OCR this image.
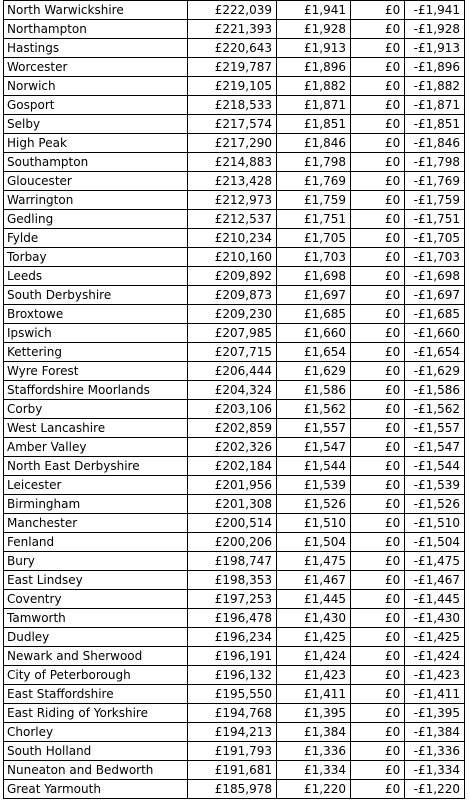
North Warwickshire	£222,039	£1,941	£0	-£1,941
Northampton	£221,393	£1,928	£0	-£1,928
Hastings	£220,643	£1,913	£0	-£1,913
Worcester	£219,787	£1,896	£0	-£1,896
Norwich	£219,105	£1,882	£0	-£1,882
Gosport	£218,533	£1,871	£0	-£1,871
Selby	£217,574	£1,851	£0	-£1,851
High Peak	£217,290	£1,846	£0	-£1,846
Southampton	£214,883	£1,798	£0	-£1,798
Gloucester	£213,428	£1,769	£0	-£1,769
Warrington	£212,973	£1,759	£0	-£1,759
Gedling	£212,537	£1,751	£0	-£1,751
Fylde	£210,234	£1,705	£0	-£1,705
Torbay	£210,160	£1,703	£0	-£1,703
Leeds	£209,892	£1,698	£0	-£1,698
South Derbyshire	£209,873	£1,697	£0	-£1,697
Broxtowe	£209,230	£1,685	£0	-£1,685
Ipswich	£207,985	£1,660	£0	-£1,660
Kettering	£207,715	£1,654	£0	-£1,654
Wyre Forest	£206,444	£1,629	£0	-£1,629
Staffordshire Moorlands	£204,324	£1,586	£0	-£1,586
Corby	£203,106	£1,562	£0	-£1,562
West Lancashire	£202,859	£1,557	£0	-£1,557
Amber Valley	£202,326	£1,547	£0	-£1,547
North East Derbyshire	£202,184	£1,544	£0	-£1,544
Leicester	£201,956	£1,539	£0	-£1,539
Birmingham	£201,308	£1,526	£0	-£1,526
Manchester	£200,514	£1,510	£0	-£1,510
Fenland	£200,206	£1,504	£0	-£1,504
Bury	£198,747	£1,475	£0	-£1,475
East Lindsey	£198,353	£1,467	£0	-£1,467
Coventry	£197,253	£1,445	£0	-£1,445
Tamworth	£196,478	£1,430	£0	-£1,430
Dudley	£196,234	£1,425	£0	-£1,425
Newark and Sherwood	£196,191	£1,424	£0	-£1,424
City of Peterborough	£196,132	£1,423	£0	-£1,423
East Staffordshire	£195,550	£1,411	£0	-£1,411
East Riding of Yorkshire	£194,768	£1,395	£0	-£1,395
Chorley	£194,213	£1,384	£0	-£1,384
South Holland	£191,793	£1,336	£0	-£1,336
Nuneaton and Bedworth	£191,681	£1,334	£0	-£1,334
Great Yarmouth	£185,978	£1,220	£0	-£1,220
